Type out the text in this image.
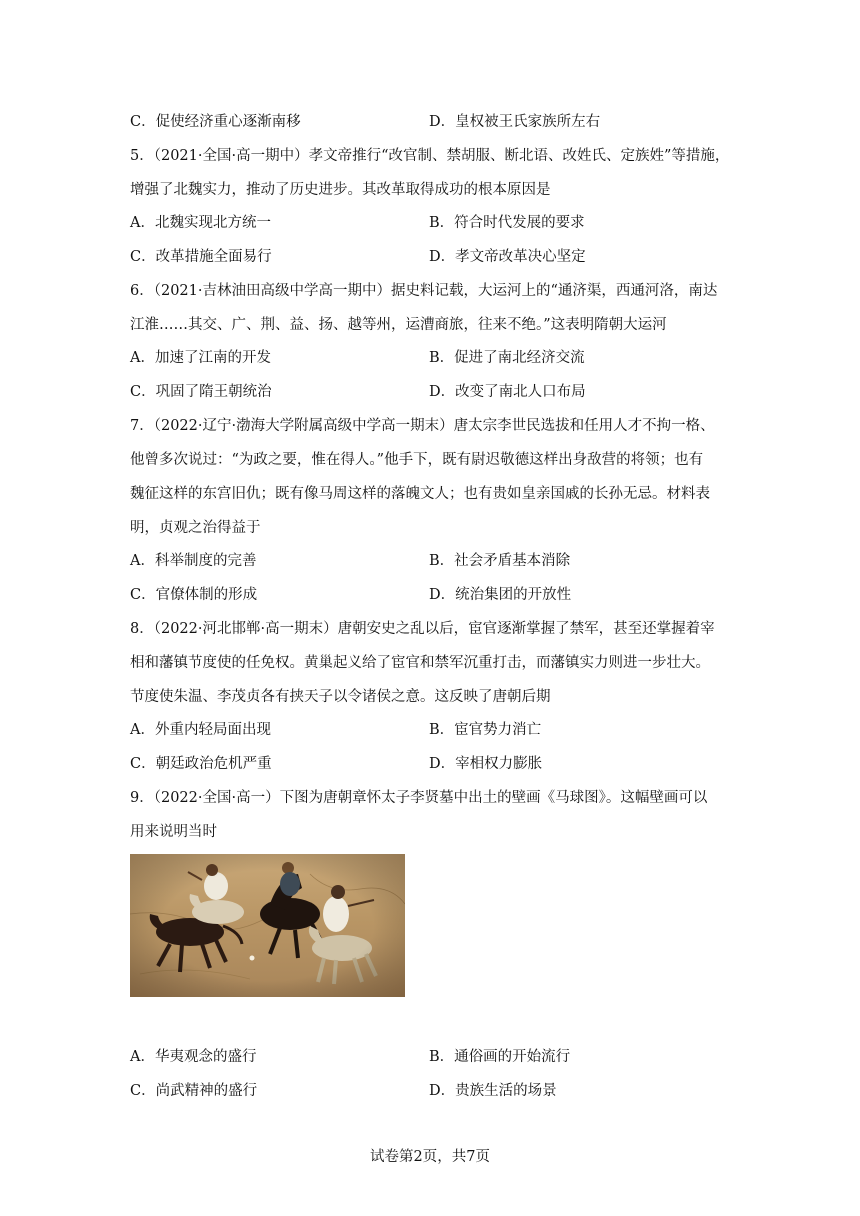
C．促使经济重心逐渐南移	D．皇权被王氏家族所左右
5．（2021·全国·高一期中）孝文帝推行“改官制、禁胡服、断北语、改姓氏、定族姓”等措施，
增强了北魏实力，推动了历史进步。其改革取得成功的根本原因是
A．北魏实现北方统一	B．符合时代发展的要求
C．改革措施全面易行	D．孝文帝改革决心坚定
6．（2021·吉林油田高级中学高一期中）据史料记载，大运河上的“通济渠，西通河洛，南达
江淮……其交、广、荆、益、扬、越等州，运漕商旅，往来不绝。”这表明隋朝大运河
A．加速了江南的开发	B．促进了南北经济交流
C．巩固了隋王朝统治	D．改变了南北人口布局
7．（2022·辽宁·渤海大学附属高级中学高一期末）唐太宗李世民选拔和任用人才不拘一格、
他曾多次说过：“为政之要，惟在得人。”他手下，既有尉迟敬德这样出身敌营的将领；也有
魏征这样的东宫旧仇；既有像马周这样的落魄文人；也有贵如皇亲国戚的长孙无忌。材料表
明，贞观之治得益于
A．科举制度的完善	B．社会矛盾基本消除
C．官僚体制的形成	D．统治集团的开放性
8．（2022·河北邯郸·高一期末）唐朝安史之乱以后，宦官逐渐掌握了禁军，甚至还掌握着宰
相和藩镇节度使的任免权。黄巢起义给了宦官和禁军沉重打击，而藩镇实力则进一步壮大。
节度使朱温、李茂贞各有挟天子以令诸侯之意。这反映了唐朝后期
A．外重内轻局面出现	B．宦官势力消亡
C．朝廷政治危机严重	D．宰相权力膨胀
9．（2022·全国·高一）下图为唐朝章怀太子李贤墓中出土的壁画《马球图》。这幅壁画可以
用来说明当时
A．华夷观念的盛行	B．通俗画的开始流行
C．尚武精神的盛行	D．贵族生活的场景
试卷第2页，共7页
